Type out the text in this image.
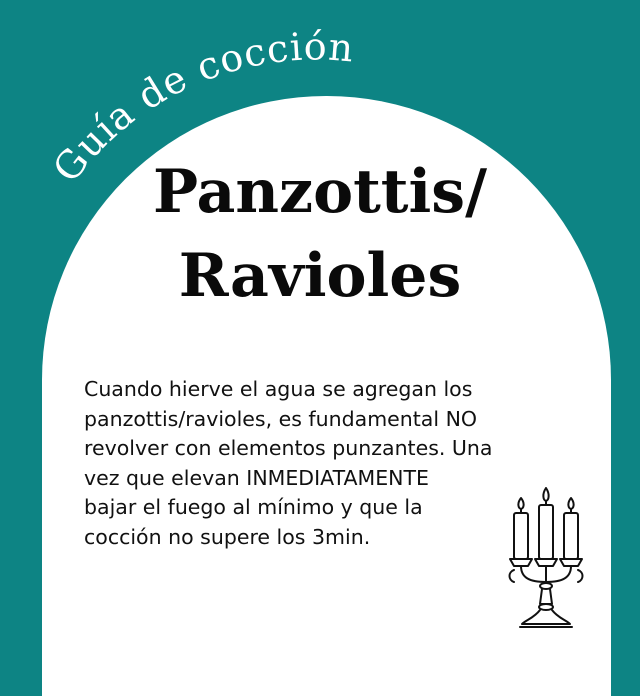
Guía de cocción
Panzottis/
Ravioles
Cuando hierve el agua se agregan los
panzottis/ravioles, es fundamental NO
revolver con elementos punzantes. Una
vez que elevan INMEDIATAMENTE
bajar el fuego al mínimo y que la
cocción no supere los 3min.
